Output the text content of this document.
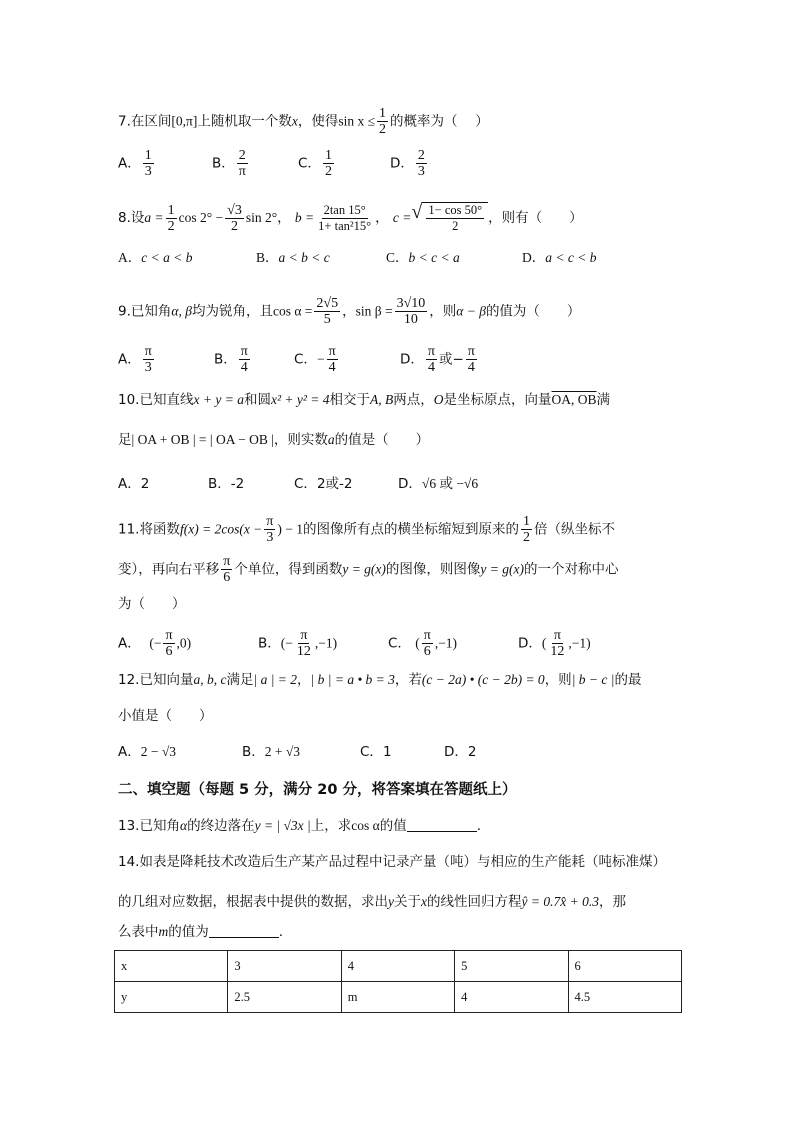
7.在区间[0,π]上随机取一个数x，使得$\sin x \le \frac{1}{2}$ 的概率为（　 ）
A． $\frac{1}{3}$	B． $\frac{2}{\pi}$	C． $\frac{1}{2}$	D． $\frac{2}{3}$
8.设$a = \frac{1}{2}$ $\cos 2^\circ - \frac{√3}{2}$ sin 2°， $b = \frac{2\tan 15^\circ}{\text{1+ tan²15°}}$ ， c = √ $\frac{1- \cos 50^\circ}{2}$ ，则有（　　）
A．c < a < b	B．a < b < c	C．b < c < a	D．a < c < b
9.已知角α, β均为锐角，且$\cos \alpha = \frac{2√5}{5}$ ，$\sin \beta = \frac{3√10}{10}$ ，则α − β的值为（　　）
A． $\frac{\pi}{3}$	B． $\frac{\pi}{4}$	C．− $\frac{\pi}{4}$	D． $\frac{\pi}{4}$ 或− $\frac{\pi}{4}$
10.已知直线x + y = a和圆x² + y² = 4相交于A, B两点，O是坐标原点，向量OA, OB满
足| OA + OB | = | OA − OB |，则实数a的值是（　　）
A．2	B．-2	C．2或-2	D．√6 或 −√6
11.将函数$f(x) = 2\cos(x - \frac{\pi}{3}$ ) − 1的图像所有点的横坐标缩短到原来的 $\frac{1}{2}$ 倍（纵坐标不
变），再向右平移 $\frac{\pi}{6}$ 个单位，得到函数y = g(x)的图像，则图像y = g(x)的一个对称中心
为（　　）
A． (− $\frac{\pi}{6} ,0$)	B．(− $\frac{\pi}{12} ,-1$)	C． ( $\frac{\pi}{6} ,-1$)	D．( $\frac{\pi}{12} ,-1$)
12.已知向量a, b, c满足| a | = 2，| b | = a • b = 3，若(c − 2a) • (c − 2b) = 0，则| b − c |的最
小值是（　　）
A．2 − √3	B．2 + √3	C．1	D．2
二、填空题（每题 5 分，满分 20 分，将答案填在答题纸上）
13.已知角α的终边落在y = | √3x |上，求cos α的值	.
14.如表是降耗技术改造后生产某产品过程中记录产量（吨）与相应的生产能耗（吨标准煤）
的几组对应数据，根据表中提供的数据，求出y关于x的线性回归方程ŷ = 0.7x̂ + 0.3，那
么表中m的值为	.
x	3	4	5	6
y	2.5	m	4	4.5
